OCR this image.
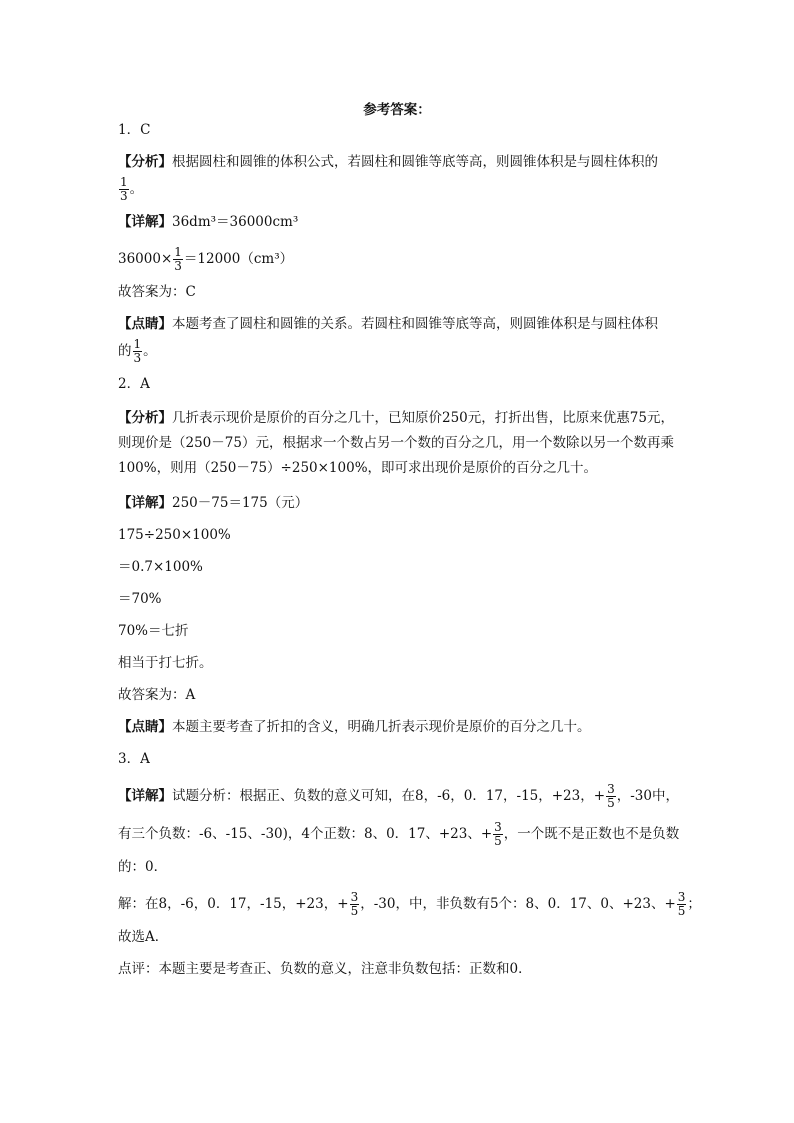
参考答案：
1．C
【分析】根据圆柱和圆锥的体积公式，若圆柱和圆锥等底等高，则圆锥体积是与圆柱体积的
$\frac{1}{3}$ 。
【详解】36dm³＝36000cm³
$36000\times \frac{1}{3} =12000(cm^3)$
故答案为：C
【点睛】本题考查了圆柱和圆锥的关系。若圆柱和圆锥等底等高，则圆锥体积是与圆柱体积
的 $\frac{1}{3}$ 。
2．A
【分析】几折表示现价是原价的百分之几十，已知原价250元，打折出售，比原来优惠75元，则现价是（250－75）元，根据求一个数占另一个数的百分之几，用一个数除以另一个数再乘100%，则用（250－75）÷250×100%，即可求出现价是原价的百分之几十。
【详解】250－75＝175（元）
175÷250×100%
＝0.7×100%
＝70%
70%＝七折
相当于打七折。
故答案为：A
【点睛】本题主要考查了折扣的含义，明确几折表示现价是原价的百分之几十。
3．A
【详解】试题分析：根据正、负数的意义可知，在8，-6，0．17，-15，+23，+ $\frac{3}{5}$ ，-30中，
有三个负数：-6、-15、-30)，4个正数：8、0．17、+23、+ $\frac{3}{5}$ ，一个既不是正数也不是负数
的：0．
解：在8，-6，0．17，-15，+23，+ $\frac{3}{5}$ ，-30，中，非负数有5个：8、0．17、0、+23、+ $\frac{3}{5}$ ；
故选A．
点评：本题主要是考查正、负数的意义，注意非负数包括：正数和0．
